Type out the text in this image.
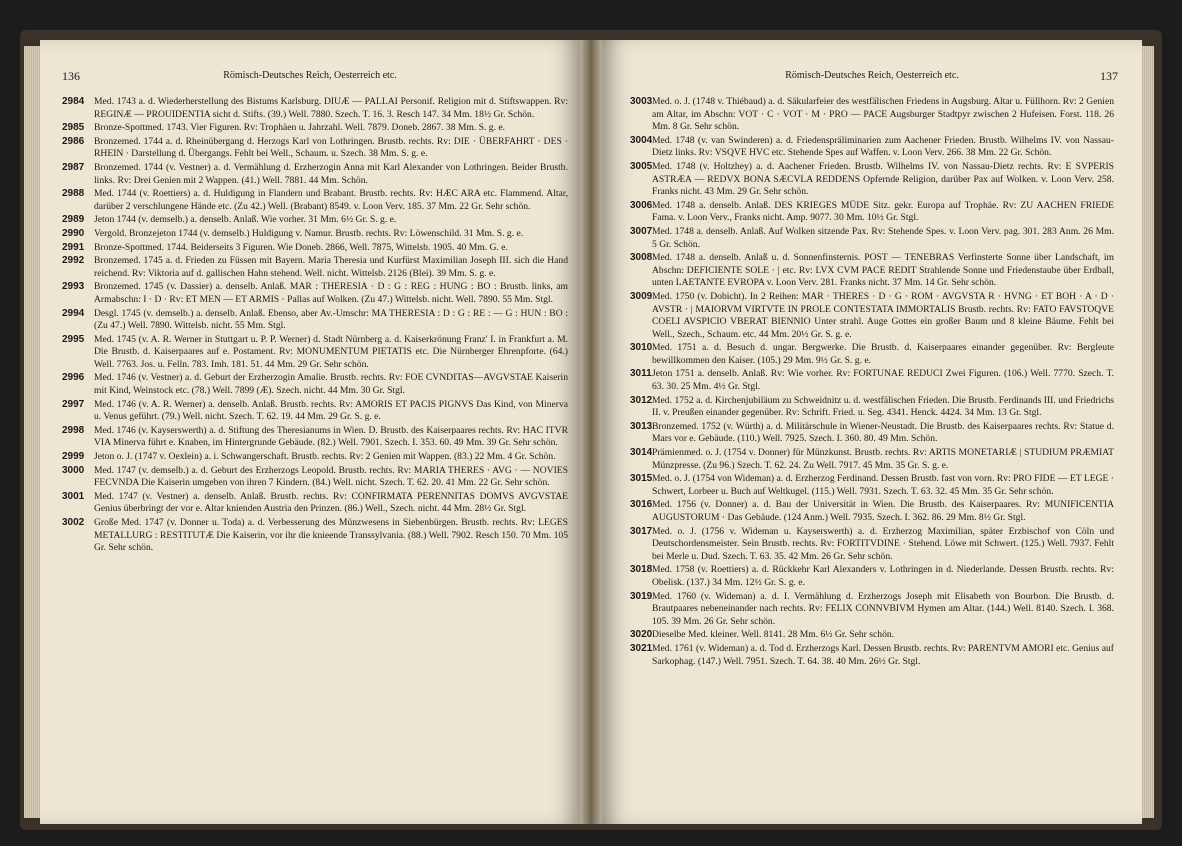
136	Römisch-Deutsches Reich, Oesterreich etc.
2984	Med. 1743 a. d. Wiederherstellung des Bistums Karlsburg. DIUÆ — PALLAI Personif. Religion mit d. Stiftswappen. Rv: REGINÆ — PROUIDENTIA sicht d. Stifts. (39.) Well. 7880. Szech. T. 16. 3. Resch 147. 34 Mm. 18½ Gr. Schön.
2985	Bronze-Spottmed. 1743. Vier Figuren. Rv: Trophäen u. Jahrzahl. Well. 7879. Doneb. 2867. 38 Mm. S. g. e.
2986	Bronzemed. 1744 a. d. Rheinübergang d. Herzogs Karl von Lothringen. Brustb. rechts. Rv: DIE · ÜBERFAHRT · DES · RHEIN · Darstellung d. Übergangs. Fehlt bei Well., Schaum. u. Szech. 38 Mm. S. g. e.
2987	Bronzemed. 1744 (v. Vestner) a. d. Vermählung d. Erzherzogin Anna mit Karl Alexander von Lothringen. Beider Brustb. links. Rv: Drei Genien mit 2 Wappen. (41.) Well. 7881. 44 Mm. Schön.
2988	Med. 1744 (v. Roettiers) a. d. Huldigung in Flandern und Brabant. Brustb. rechts. Rv: HÆC ARA etc. Flammend. Altar, darüber 2 verschlungene Hände etc. (Zu 42.) Well. (Brabant) 8549. v. Loon Verv. 185. 37 Mm. 22 Gr. Sehr schön.
2989	Jeton 1744 (v. demselb.) a. denselb. Anlaß. Wie vorher. 31 Mm. 6½ Gr. S. g. e.
2990	Vergold. Bronzejeton 1744 (v. demselb.) Huldigung v. Namur. Brustb. rechts. Rv: Löwenschild. 31 Mm. S. g. e.
2991	Bronze-Spottmed. 1744. Beiderseits 3 Figuren. Wie Doneb. 2866, Well. 7875, Wittelsb. 1905. 40 Mm. G. e.
2992	Bronzemed. 1745 a. d. Frieden zu Füssen mit Bayern. Maria Theresia und Kurfürst Maximilian Joseph III. sich die Hand reichend. Rv: Viktoria auf d. gallischen Hahn stehend. Well. nicht. Wittelsb. 2126 (Blei). 39 Mm. S. g. e.
2993	Bronzemed. 1745 (v. Dassier) a. denselb. Anlaß. MAR : THERESIA · D : G : REG : HUNG : BO : Brustb. links, am Armabschn: I · D · Rv: ET MEN — ET ARMIS · Pallas auf Wolken. (Zu 47.) Wittelsb. nicht. Well. 7890. 55 Mm. Stgl.
2994	Desgl. 1745 (v. demselb.) a. denselb. Anlaß. Ebenso, aber Av.-Umschr: MA THERESIA : D : G : RE : — G : HUN : BO : (Zu 47.) Well. 7890. Wittelsb. nicht. 55 Mm. Stgl.
2995	Med. 1745 (v. A. R. Werner in Stuttgart u. P. P. Werner) d. Stadt Nürnberg a. d. Kaiserkrönung Franz' I. in Frankfurt a. M. Die Brustb. d. Kaiserpaares auf e. Postament. Rv: MONUMENTUM PIETATIS etc. Die Nürnberger Ehrenpforte. (64.) Well. 7763. Jos. u. Felln. 783. Imh. 181. 51. 44 Mm. 29 Gr. Sehr schön.
2996	Med. 1746 (v. Vestner) a. d. Geburt der Erzherzogin Amalie. Brustb. rechts. Rv: FOE CVNDITAS—AVGVSTAE Kaiserin mit Kind, Weinstock etc. (78.) Well. 7899 (Æ). Szech. nicht. 44 Mm. 30 Gr. Stgl.
2997	Med. 1746 (v. A. R. Werner) a. denselb. Anlaß. Brustb. rechts. Rv: AMORIS ET PACIS PIGNVS Das Kind, von Minerva u. Venus geführt. (79.) Well. nicht. Szech. T. 62. 19. 44 Mm. 29 Gr. S. g. e.
2998	Med. 1746 (v. Kayserswerth) a. d. Stiftung des Theresianums in Wien. D. Brustb. des Kaiserpaares rechts. Rv: HAC ITVR VIA Minerva führt e. Knaben, im Hintergrunde Gebäude. (82.) Well. 7901. Szech. I. 353. 60. 49 Mm. 39 Gr. Sehr schön.
2999	Jeton o. J. (1747 v. Oexlein) a. i. Schwangerschaft. Brustb. rechts. Rv: 2 Genien mit Wappen. (83.) 22 Mm. 4 Gr. Schön.
3000	Med. 1747 (v. demselb.) a. d. Geburt des Erzherzogs Leopold. Brustb. rechts. Rv: MARIA THERES · AVG · — NOVIES FECVNDA Die Kaiserin umgeben von ihren 7 Kindern. (84.) Well. nicht. Szech. T. 62. 20. 41 Mm. 22 Gr. Sehr schön.
3001	Med. 1747 (v. Vestner) a. denselb. Anlaß. Brustb. rechts. Rv: CONFIRMATA PERENNITAS DOMVS AVGVSTAE Genius überbringt der vor e. Altar knienden Austria den Prinzen. (86.) Well., Szech. nicht. 44 Mm. 28½ Gr. Stgl.
3002	Große Med. 1747 (v. Donner u. Toda) a. d. Verbesserung des Münzwesens in Siebenbürgen. Brustb. rechts. Rv: LEGES METALLURG : RESTITUTÆ Die Kaiserin, vor ihr die knieende Transsylvania. (88.) Well. 7902. Resch 150. 70 Mm. 105 Gr. Sehr schön.
Römisch-Deutsches Reich, Oesterreich etc.	137
3003 Med. o. J. (1748 v. Thiébaud) a. d. Säkularfeier des westfälischen Friedens in Augsburg. Altar u. Füllhorn. Rv: 2 Genien am Altar, im Abschn: VOT · C · VOT · M · PRO — PACE Augsburger Stadtpyr zwischen 2 Hufeisen. Forst. 118. 26 Mm. 8 Gr. Sehr schön.
3004 Med. 1748 (v. van Swinderen) a. d. Friedenspräliminarien zum Aachener Frieden. Brustb. Wilhelms IV. von Nassau-Dietz links. Rv: VSQVE HVC etc. Stehende Spes auf Waffen. v. Loon Verv. 266. 38 Mm. 22 Gr. Schön.
3005 Med. 1748 (v. Holtzhey) a. d. Aachener Frieden. Brustb. Wilhelms IV. von Nassau-Dietz rechts. Rv: E SVPERIS ASTRÆA — REDVX BONA SÆCVLA REDDENS Opfernde Religion, darüber Pax auf Wolken. v. Loon Verv. 258. Franks nicht. 43 Mm. 29 Gr. Sehr schön.
3006 Med. 1748 a. denselb. Anlaß. DES KRIEGES MÜDE Sitz. gekr. Europa auf Trophäe. Rv: ZU AACHEN FRIEDE Fama. v. Loon Verv., Franks nicht. Amp. 9077. 30 Mm. 10½ Gr. Stgl.
3007 Med. 1748 a. denselb. Anlaß. Auf Wolken sitzende Pax. Rv: Stehende Spes. v. Loon Verv. pag. 301. 283 Anm. 26 Mm. 5 Gr. Schön.
3008 Med. 1748 a. denselb. Anlaß u. d. Sonnenfinsternis. POST — TENEBRAS Verfinsterte Sonne über Landschaft, im Abschn: DEFICIENTE SOLE · | etc. Rv: LVX CVM PACE REDIT Strahlende Sonne und Friedenstaube über Erdball, unten LAETANTE EVROPA v. Loon Verv. 281. Franks nicht. 37 Mm. 14 Gr. Sehr schön.
3009 Med. 1750 (v. Dobicht). In 2 Reihen: MAR · THERES · D · G · ROM · AVGVSTA R · HVNG · ET BOH · A · D · AVSTR · | MAIORVM VIRTVTE IN PROLE CONTESTATA IMMORTALIS Brustb. rechts. Rv: FATO FAVSTOQVE COELI AVSPICIO VBERAT BIENNIO Unter strahl. Auge Gottes ein großer Baum und 8 kleine Bäume. Fehlt bei Well., Szech., Schaum. etc. 44 Mm. 20½ Gr. S. g. e.
3010 Med. 1751 a. d. Besuch d. ungar. Bergwerke. Die Brustb. d. Kaiserpaares einander gegenüber. Rv: Bergleute bewillkommen den Kaiser. (105.) 29 Mm. 9½ Gr. S. g. e.
3011 Jeton 1751 a. denselb. Anlaß. Rv: Wie vorher. Rv: FORTUNAE REDUCI Zwei Figuren. (106.) Well. 7770. Szech. T. 63. 30. 25 Mm. 4½ Gr. Stgl.
3012 Med. 1752 a. d. Kirchenjubiläum zu Schweidnitz u. d. westfälischen Frieden. Die Brustb. Ferdinands III. und Friedrichs II. v. Preußen einander gegenüber. Rv: Schrift. Fried. u. Seg. 4341. Henck. 4424. 34 Mm. 13 Gr. Stgl.
3013 Bronzemed. 1752 (v. Würth) a. d. Militärschule in Wiener-Neustadt. Die Brustb. des Kaiserpaares rechts. Rv: Statue d. Mars vor e. Gebäude. (110.) Well. 7925. Szech. I. 360. 80. 49 Mm. Schön.
3014 Prämienmed. o. J. (1754 v. Donner) für Münzkunst. Brustb. rechts. Rv: ARTIS MONETARIÆ | STUDIUM PRÆMIAT Münzpresse. (Zu 96.) Szech. T. 62. 24. Zu Well. 7917. 45 Mm. 35 Gr. S. g. e.
3015 Med. o. J. (1754 von Wideman) a. d. Erzherzog Ferdinand. Dessen Brustb. fast von vorn. Rv: PRO FIDE — ET LEGE · Schwert, Lorbeer u. Buch auf Weltkugel. (115.) Well. 7931. Szech. T. 63. 32. 45 Mm. 35 Gr. Sehr schön.
3016 Med. 1756 (v. Donner) a. d. Bau der Universität in Wien. Die Brustb. des Kaiserpaares. Rv: MUNIFICENTIA AUGUSTORUM · Das Gebäude. (124 Anm.) Well. 7935. Szech. I. 362. 86. 29 Mm. 8½ Gr. Stgl.
3017 Med. o. J. (1756 v. Wideman u. Kayserswerth) a. d. Erzherzog Maximilian, später Erzbischof von Cöln und Deutschordensmeister. Sein Brustb. rechts. Rv: FORTITVDINE · Stehend. Löwe mit Schwert. (125.) Well. 7937. Fehlt bei Merle u. Dud. Szech. T. 63. 35. 42 Mm. 26 Gr. Sehr schön.
3018 Med. 1758 (v. Roettiers) a. d. Rückkehr Karl Alexanders v. Lothringen in d. Niederlande. Dessen Brustb. rechts. Rv: Obelisk. (137.) 34 Mm. 12½ Gr. S. g. e.
3019 Med. 1760 (v. Wideman) a. d. I. Vermählung d. Erzherzogs Joseph mit Elisabeth von Bourbon. Die Brustb. d. Brautpaares nebeneinander nach rechts. Rv: FELIX CONNVBIVM Hymen am Altar. (144.) Well. 8140. Szech. I. 368. 105. 39 Mm. 26 Gr. Sehr schön.
3020 Dieselbe Med. kleiner. Well. 8141. 28 Mm. 6½ Gr. Sehr schön.
3021 Med. 1761 (v. Wideman) a. d. Tod d. Erzherzogs Karl. Dessen Brustb. rechts. Rv: PARENTVM AMORI etc. Genius auf Sarkophag. (147.) Well. 7951. Szech. T. 64. 38. 40 Mm. 26½ Gr. Stgl.
